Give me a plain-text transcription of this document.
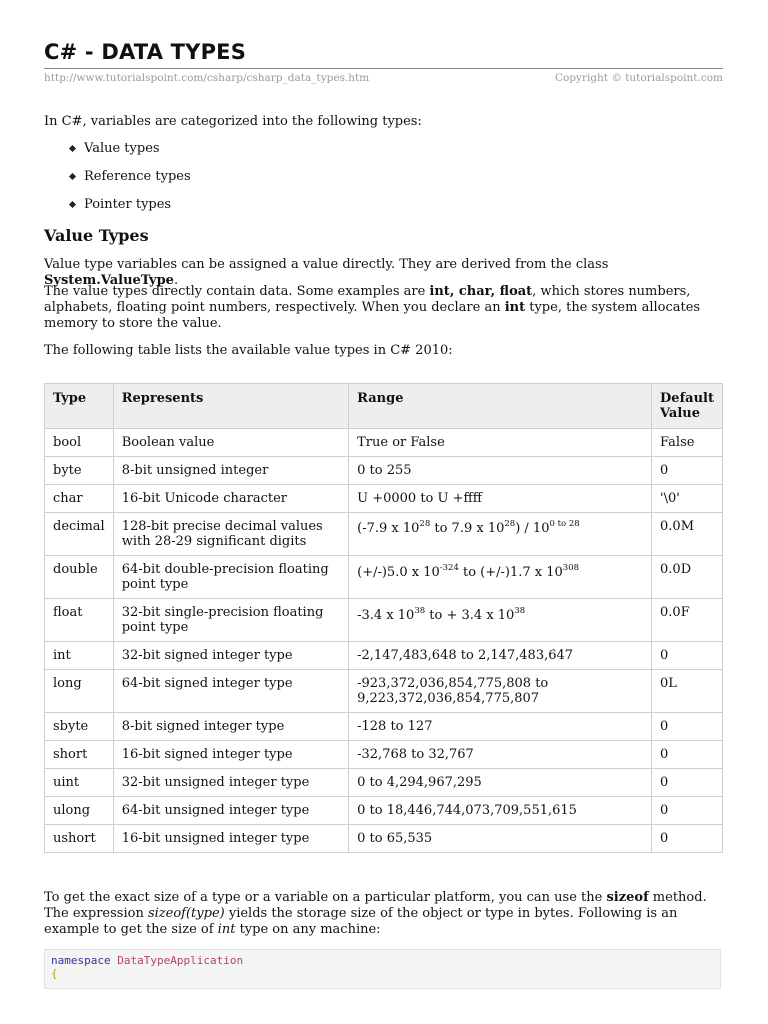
C# - DATA TYPES
http://www.tutorialspoint.com/csharp/csharp_data_types.htm	Copyright © tutorialspoint.com

In C#, variables are categorized into the following types:

Value types
Reference types
Pointer types
Value Types

Value type variables can be assigned a value directly. They are derived from the class System.ValueType.

The value types directly contain data. Some examples are int, char, float, which stores numbers, alphabets, floating point numbers, respectively. When you declare an int type, the system allocates memory to store the value.

The following table lists the available value types in C# 2010:

Type	Represents	Range	Default Value
bool	Boolean value	True or False	False
byte	8-bit unsigned integer	0 to 255	0
char	16-bit Unicode character	U +0000 to U +ffff	'\0'
decimal	128-bit precise decimal values with 28-29 significant digits	(-7.9 x $10^{28}$ to 7.9 x $10^{28}) / 10^{0 to 28}$	0.0M
double	64-bit double-precision floating point type	(+/-)5.0 x $10^{-324}$ to (+/-)1.7 x $10^{308}$	0.0D
float	32-bit single-precision floating point type	-3.4 x $10^{38}$ to + 3.4 x $10^{38}$	0.0F
int	32-bit signed integer type	-2,147,483,648 to 2,147,483,647	0
long	64-bit signed integer type	-923,372,036,854,775,808 to 9,223,372,036,854,775,807	0L
sbyte	8-bit signed integer type	-128 to 127	0
short	16-bit signed integer type	-32,768 to 32,767	0
uint	32-bit unsigned integer type	0 to 4,294,967,295	0
ulong	64-bit unsigned integer type	0 to 18,446,744,073,709,551,615	0
ushort	16-bit unsigned integer type	0 to 65,535	0

To get the exact size of a type or a variable on a particular platform, you can use the sizeof method. The expression sizeof(type) yields the storage size of the object or type in bytes. Following is an example to get the size of int type on any machine:

namespace DataTypeApplication
{
